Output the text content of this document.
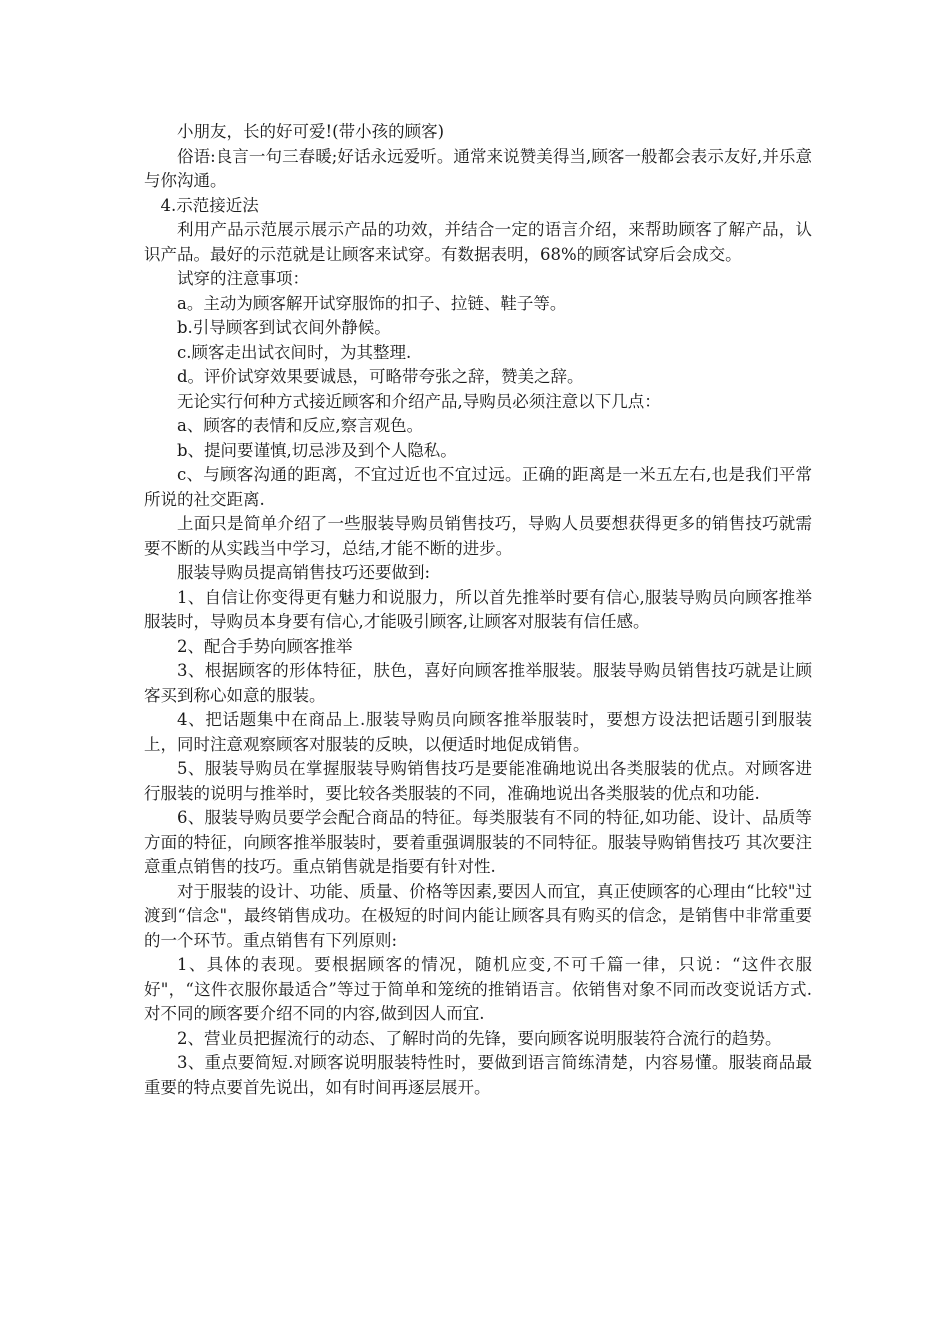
小朋友，长的好可爱!(带小孩的顾客)

俗语:良言一句三春暖;好话永远爱听。通常来说赞美得当,顾客一般都会表示友好,并乐意与你沟通。

4.示范接近法

利用产品示范展示展示产品的功效，并结合一定的语言介绍，来帮助顾客了解产品，认识产品。最好的示范就是让顾客来试穿。有数据表明，68%的顾客试穿后会成交。

试穿的注意事项：

a。主动为顾客解开试穿服饰的扣子、拉链、鞋子等。

b.引导顾客到试衣间外静候。

c.顾客走出试衣间时，为其整理.

d。评价试穿效果要诚恳，可略带夸张之辞，赞美之辞。

无论实行何种方式接近顾客和介绍产品,导购员必须注意以下几点：

a、顾客的表情和反应,察言观色。

b、提问要谨慎,切忌涉及到个人隐私。

c、与顾客沟通的距离，不宜过近也不宜过远。正确的距离是一米五左右,也是我们平常所说的社交距离.

上面只是简单介绍了一些服装导购员销售技巧，导购人员要想获得更多的销售技巧就需要不断的从实践当中学习，总结,才能不断的进步。

服装导购员提高销售技巧还要做到:

1、自信让你变得更有魅力和说服力，所以首先推举时要有信心,服装导购员向顾客推举服装时，导购员本身要有信心,才能吸引顾客,让顾客对服装有信任感。

2、配合手势向顾客推举

3、根据顾客的形体特征，肤色，喜好向顾客推举服装。服装导购员销售技巧就是让顾客买到称心如意的服装。

4、把话题集中在商品上.服装导购员向顾客推举服装时，要想方设法把话题引到服装上，同时注意观察顾客对服装的反映，以便适时地促成销售。

5、服装导购员在掌握服装导购销售技巧是要能准确地说出各类服装的优点。对顾客进行服装的说明与推举时，要比较各类服装的不同，准确地说出各类服装的优点和功能.

6、服装导购员要学会配合商品的特征。每类服装有不同的特征,如功能、设计、品质等方面的特征，向顾客推举服装时，要着重强调服装的不同特征。服装导购销售技巧 其次要注意重点销售的技巧。重点销售就是指要有针对性.

对于服装的设计、功能、质量、价格等因素,要因人而宜，真正使顾客的心理由“比较"过渡到“信念"，最终销售成功。在极短的时间内能让顾客具有购买的信念，是销售中非常重要的一个环节。重点销售有下列原则:

1、具体的表现。要根据顾客的情况，随机应变,不可千篇一律，只说：“这件衣服好"，“这件衣服你最适合”等过于简单和笼统的推销语言。依销售对象不同而改变说话方式.对不同的顾客要介绍不同的内容,做到因人而宜.

2、营业员把握流行的动态、了解时尚的先锋，要向顾客说明服装符合流行的趋势。

3、重点要简短.对顾客说明服装特性时，要做到语言简练清楚，内容易懂。服装商品最重要的特点要首先说出，如有时间再逐层展开。
